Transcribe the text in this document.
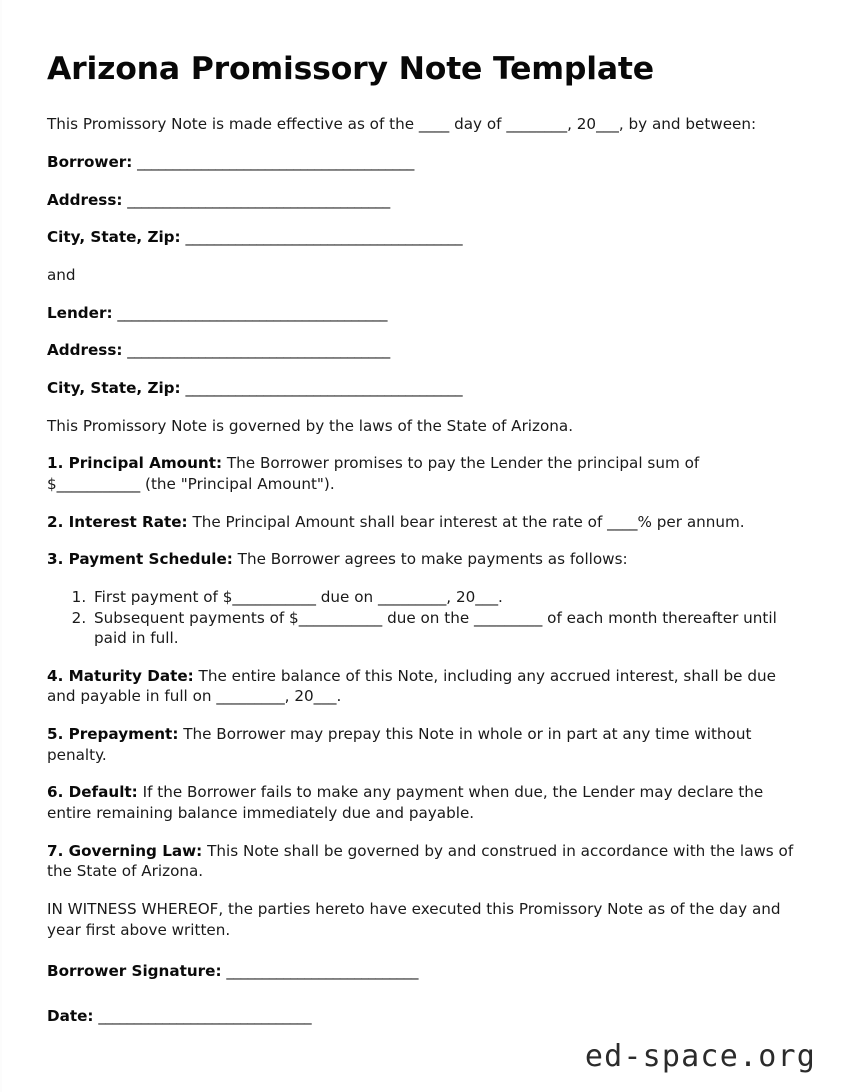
Arizona Promissory Note Template

This Promissory Note is made effective as of the ____ day of ________, 20___, by and between:

Borrower: _______________________________________
Address: _____________________________________
City, State, Zip: _______________________________________

and

Lender: ______________________________________
Address: _____________________________________
City, State, Zip: _______________________________________

This Promissory Note is governed by the laws of the State of Arizona.

1. Principal Amount: The Borrower promises to pay the Lender the principal sum of $___________ (the "Principal Amount").

2. Interest Rate: The Principal Amount shall bear interest at the rate of ____% per annum.

3. Payment Schedule: The Borrower agrees to make payments as follows:

1. First payment of $___________ due on _________, 20___.
2. Subsequent payments of $___________ due on the _________ of each month thereafter until paid in full.

4. Maturity Date: The entire balance of this Note, including any accrued interest, shall be due and payable in full on _________, 20___.

5. Prepayment: The Borrower may prepay this Note in whole or in part at any time without penalty.

6. Default: If the Borrower fails to make any payment when due, the Lender may declare the entire remaining balance immediately due and payable.

7. Governing Law: This Note shall be governed by and construed in accordance with the laws of the State of Arizona.

IN WITNESS WHEREOF, the parties hereto have executed this Promissory Note as of the day and year first above written.

Borrower Signature: ___________________________
Date: ______________________________
ed-space.org
